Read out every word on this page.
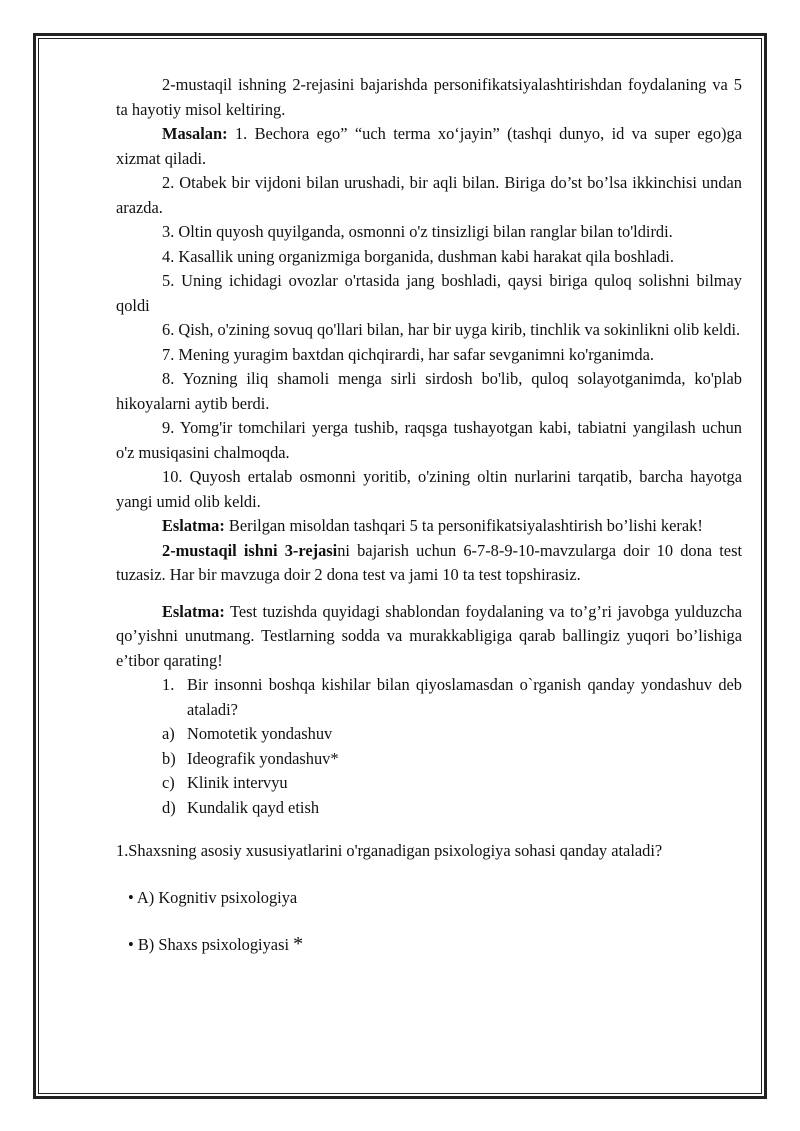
2-mustaqil ishning 2-rejasini bajarishda personifikatsiyalashtirishdan foydalaning va 5 ta hayotiy misol keltiring.

Masalan: 1. Bechora ego” “uch terma xo‘jayin” (tashqi dunyo, id va super ego)ga xizmat qiladi.

2. Otabek bir vijdoni bilan urushadi, bir aqli bilan. Biriga do’st bo’lsa ikkinchisi undan arazda.

3. Oltin quyosh quyilganda, osmonni o'z tinsizligi bilan ranglar bilan to'ldirdi.

4. Kasallik uning organizmiga borganida, dushman kabi harakat qila boshladi.

5. Uning ichidagi ovozlar o'rtasida jang boshladi, qaysi biriga quloq solishni bilmay qoldi

6. Qish, o'zining sovuq qo'llari bilan, har bir uyga kirib, tinchlik va sokinlikni olib keldi.

7. Mening yuragim baxtdan qichqirardi, har safar sevganimni ko'rganimda.

8. Yozning iliq shamoli menga sirli sirdosh bo'lib, quloq solayotganimda, ko'plab hikoyalarni aytib berdi.

9. Yomg'ir tomchilari yerga tushib, raqsga tushayotgan kabi, tabiatni yangilash uchun o'z musiqasini chalmoqda.

10. Quyosh ertalab osmonni yoritib, o'zining oltin nurlarini tarqatib, barcha hayotga yangi umid olib keldi.

Eslatma: Berilgan misoldan tashqari 5 ta personifikatsiyalashtirish bo’lishi kerak!

2-mustaqil ishni 3-rejasini bajarish uchun 6-7-8-9-10-mavzularga doir 10 dona test tuzasiz. Har bir mavzuga doir 2 dona test va jami 10 ta test topshirasiz.

Eslatma: Test tuzishda quyidagi shablondan foydalaning va to’g’ri javobga yulduzcha qo’yishni unutmang. Testlarning sodda va murakkabligiga qarab ballingiz yuqori bo’lishiga e’tibor qarating!

1. Bir insonni boshqa kishilar bilan qiyoslamasdan o`rganish qanday yondashuv deb ataladi?

a) Nomotetik yondashuv

b) Ideografik yondashuv*

c) Klinik intervyu

d) Kundalik qayd etish

1.Shaxsning asosiy xususiyatlarini o'rganadigan psixologiya sohasi qanday ataladi?

• A) Kognitiv psixologiya

• B) Shaxs psixologiyasi *
